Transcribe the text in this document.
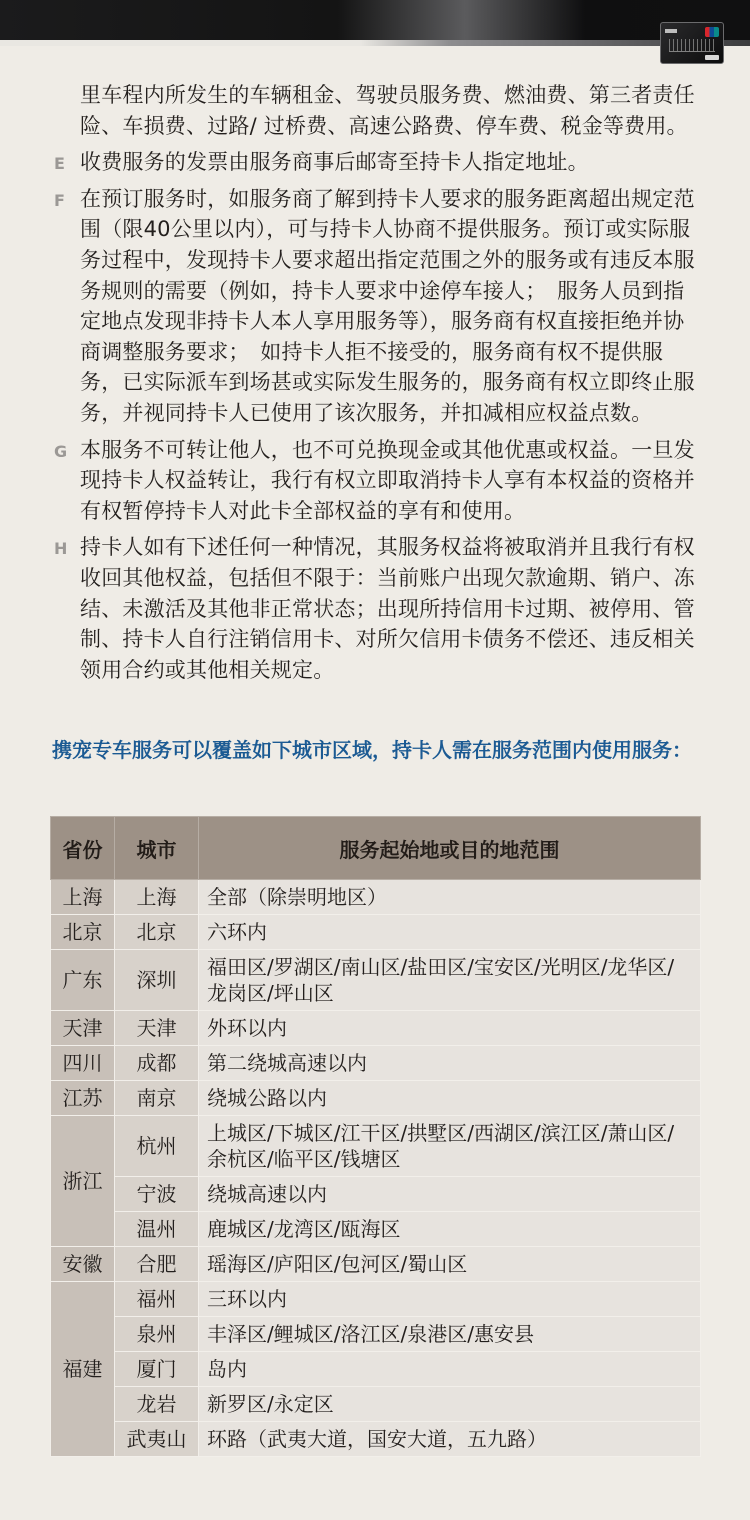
里车程内所发生的车辆租金、驾驶员服务费、燃油费、第三者责任险、车损费、过路/ 过桥费、高速公路费、停车费、税金等费用。
E 收费服务的发票由服务商事后邮寄至持卡人指定地址。
F 在预订服务时，如服务商了解到持卡人要求的服务距离超出规定范围（限40公里以内），可与持卡人协商不提供服务。预订或实际服务过程中，发现持卡人要求超出指定范围之外的服务或有违反本服务规则的需要（例如，持卡人要求中途停车接人；　服务人员到指定地点发现非持卡人本人享用服务等），服务商有权直接拒绝并协商调整服务要求；　如持卡人拒不接受的，服务商有权不提供服务，已实际派车到场甚或实际发生服务的，服务商有权立即终止服务，并视同持卡人已使用了该次服务，并扣减相应权益点数。
G 本服务不可转让他人，也不可兑换现金或其他优惠或权益。一旦发现持卡人权益转让，我行有权立即取消持卡人享有本权益的资格并有权暂停持卡人对此卡全部权益的享有和使用。
H 持卡人如有下述任何一种情况，其服务权益将被取消并且我行有权收回其他权益，包括但不限于：当前账户出现欠款逾期、销户、冻结、未激活及其他非正常状态；出现所持信用卡过期、被停用、管制、持卡人自行注销信用卡、对所欠信用卡债务不偿还、违反相关领用合约或其他相关规定。
携宠专车服务可以覆盖如下城市区域，持卡人需在服务范围内使用服务：
省份	城市	服务起始地或目的地范围
上海	上海	全部（除崇明地区）
北京	北京	六环内
广东	深圳	福田区/罗湖区/南山区/盐田区/宝安区/光明区/龙华区/龙岗区/坪山区
天津	天津	外环以内
四川	成都	第二绕城高速以内
江苏	南京	绕城公路以内
浙江	杭州	上城区/下城区/江干区/拱墅区/西湖区/滨江区/萧山区/余杭区/临平区/钱塘区
	宁波	绕城高速以内
	温州	鹿城区/龙湾区/瓯海区
安徽	合肥	瑶海区/庐阳区/包河区/蜀山区
福建	福州	三环以内
	泉州	丰泽区/鲤城区/洛江区/泉港区/惠安县
	厦门	岛内
	龙岩	新罗区/永定区
	武夷山	环路（武夷大道，国安大道，五九路）
